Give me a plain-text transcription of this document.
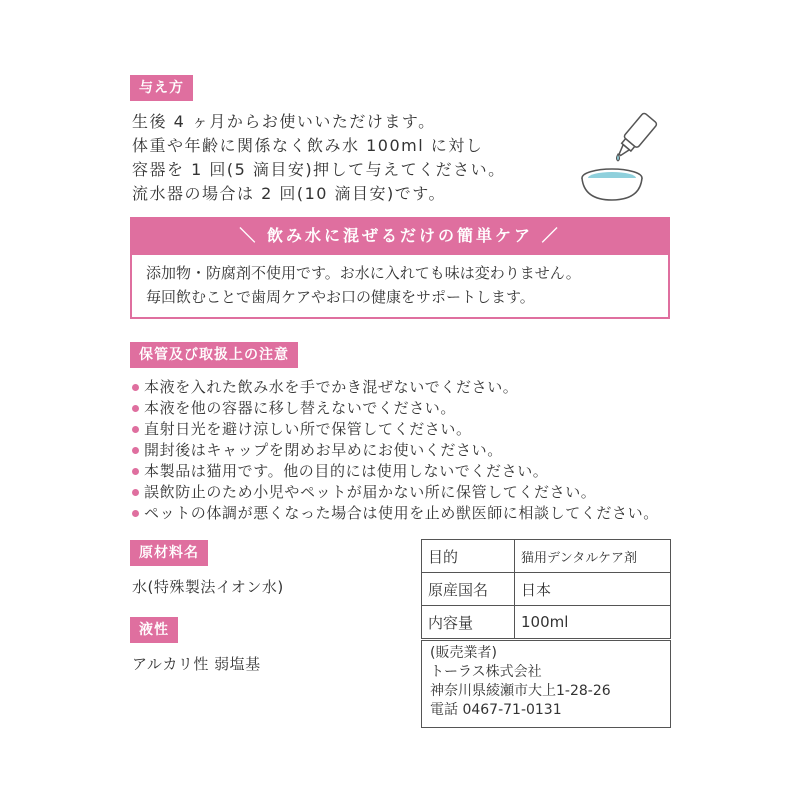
与え方
生後 4 ヶ月からお使いいただけます。
体重や年齢に関係なく飲み水 100ml に対し
容器を 1 回(5 滴目安)押して与えてください。
流水器の場合は 2 回(10 滴目安)です。
＼ 飲み水に混ぜるだけの簡単ケア ／
添加物・防腐剤不使用です。お水に入れても味は変わりません。
毎回飲むことで歯周ケアやお口の健康をサポートします。
保管及び取扱上の注意
本液を入れた飲み水を手でかき混ぜないでください。
本液を他の容器に移し替えないでください。
直射日光を避け涼しい所で保管してください。
開封後はキャップを閉めお早めにお使いください。
本製品は猫用です。他の目的には使用しないでください。
誤飲防止のため小児やペットが届かない所に保管してください。
ペットの体調が悪くなった場合は使用を止め獣医師に相談してください。
原材料名
水(特殊製法イオン水)
液性
アルカリ性 弱塩基
目的	猫用デンタルケア剤
原産国名	日本
内容量	100ml
(販売業者)
トーラス株式会社
神奈川県綾瀬市大上1-28-26
電話 0467-71-0131
